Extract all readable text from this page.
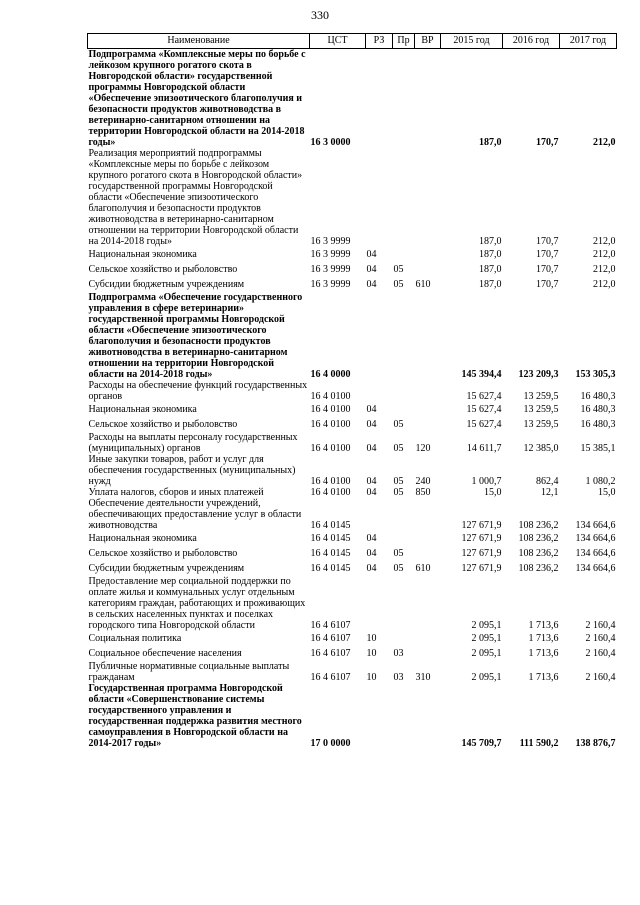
330
Наименование	ЦСТ	РЗ	Пр	ВР	2015 год	2016 год	2017 год
Подпрограмма «Комплексные меры по борьбе с лейкозом крупного рогатого скота в Новгородской области» государственной программы Новгородской области «Обеспечение эпизоотического благополучия и безопасности продуктов животноводства в ветеринарно-санитарном отношении на территории Новгородской области на 2014-2018 годы»	16 3 0000				187,0	170,7	212,0
Реализация мероприятий подпрограммы «Комплексные меры по борьбе с лейкозом крупного рогатого скота в Новгородской области» государственной программы Новгородской области «Обеспечение эпизоотического благополучия и безопасности продуктов животноводства в ветеринарно-санитарном отношении на территории Новгородской области на 2014-2018 годы»	16 3 9999				187,0	170,7	212,0
Национальная экономика	16 3 9999	04			187,0	170,7	212,0
Сельское хозяйство и рыболовство	16 3 9999	04	05		187,0	170,7	212,0
Субсидии бюджетным учреждениям	16 3 9999	04	05	610	187,0	170,7	212,0
Подпрограмма «Обеспечение государственного управления в сфере ветеринарии» государственной программы Новгородской области «Обеспечение эпизоотического благополучия и безопасности продуктов животноводства в ветеринарно-санитарном отношении на территории Новгородской области на 2014-2018 годы»	16 4 0000				145 394,4	123 209,3	153 305,3
Расходы на обеспечение функций государственных органов	16 4 0100				15 627,4	13 259,5	16 480,3
Национальная экономика	16 4 0100	04			15 627,4	13 259,5	16 480,3
Сельское хозяйство и рыболовство	16 4 0100	04	05		15 627,4	13 259,5	16 480,3
Расходы на выплаты персоналу государственных (муниципальных) органов	16 4 0100	04	05	120	14 611,7	12 385,0	15 385,1
Иные закупки товаров, работ и услуг для обеспечения государственных (муниципальных) нужд	16 4 0100	04	05	240	1 000,7	862,4	1 080,2
Уплата налогов, сборов и иных платежей	16 4 0100	04	05	850	15,0	12,1	15,0
Обеспечение деятельности учреждений, обеспечивающих предоставление услуг в области животноводства	16 4 0145				127 671,9	108 236,2	134 664,6
Национальная экономика	16 4 0145	04			127 671,9	108 236,2	134 664,6
Сельское хозяйство и рыболовство	16 4 0145	04	05		127 671,9	108 236,2	134 664,6
Субсидии бюджетным учреждениям	16 4 0145	04	05	610	127 671,9	108 236,2	134 664,6
Предоставление мер социальной поддержки по оплате жилья и коммунальных услуг отдельным категориям граждан, работающих и проживающих в сельских населенных пунктах и поселках городского типа Новгородской области	16 4 6107				2 095,1	1 713,6	2 160,4
Социальная политика	16 4 6107	10			2 095,1	1 713,6	2 160,4
Социальное обеспечение населения	16 4 6107	10	03		2 095,1	1 713,6	2 160,4
Публичные нормативные социальные выплаты гражданам	16 4 6107	10	03	310	2 095,1	1 713,6	2 160,4
Государственная программа Новгородской области «Совершенствование системы государственного управления и государственная поддержка развития местного самоуправления в Новгородской области на 2014-2017 годы»	17 0 0000				145 709,7	111 590,2	138 876,7
